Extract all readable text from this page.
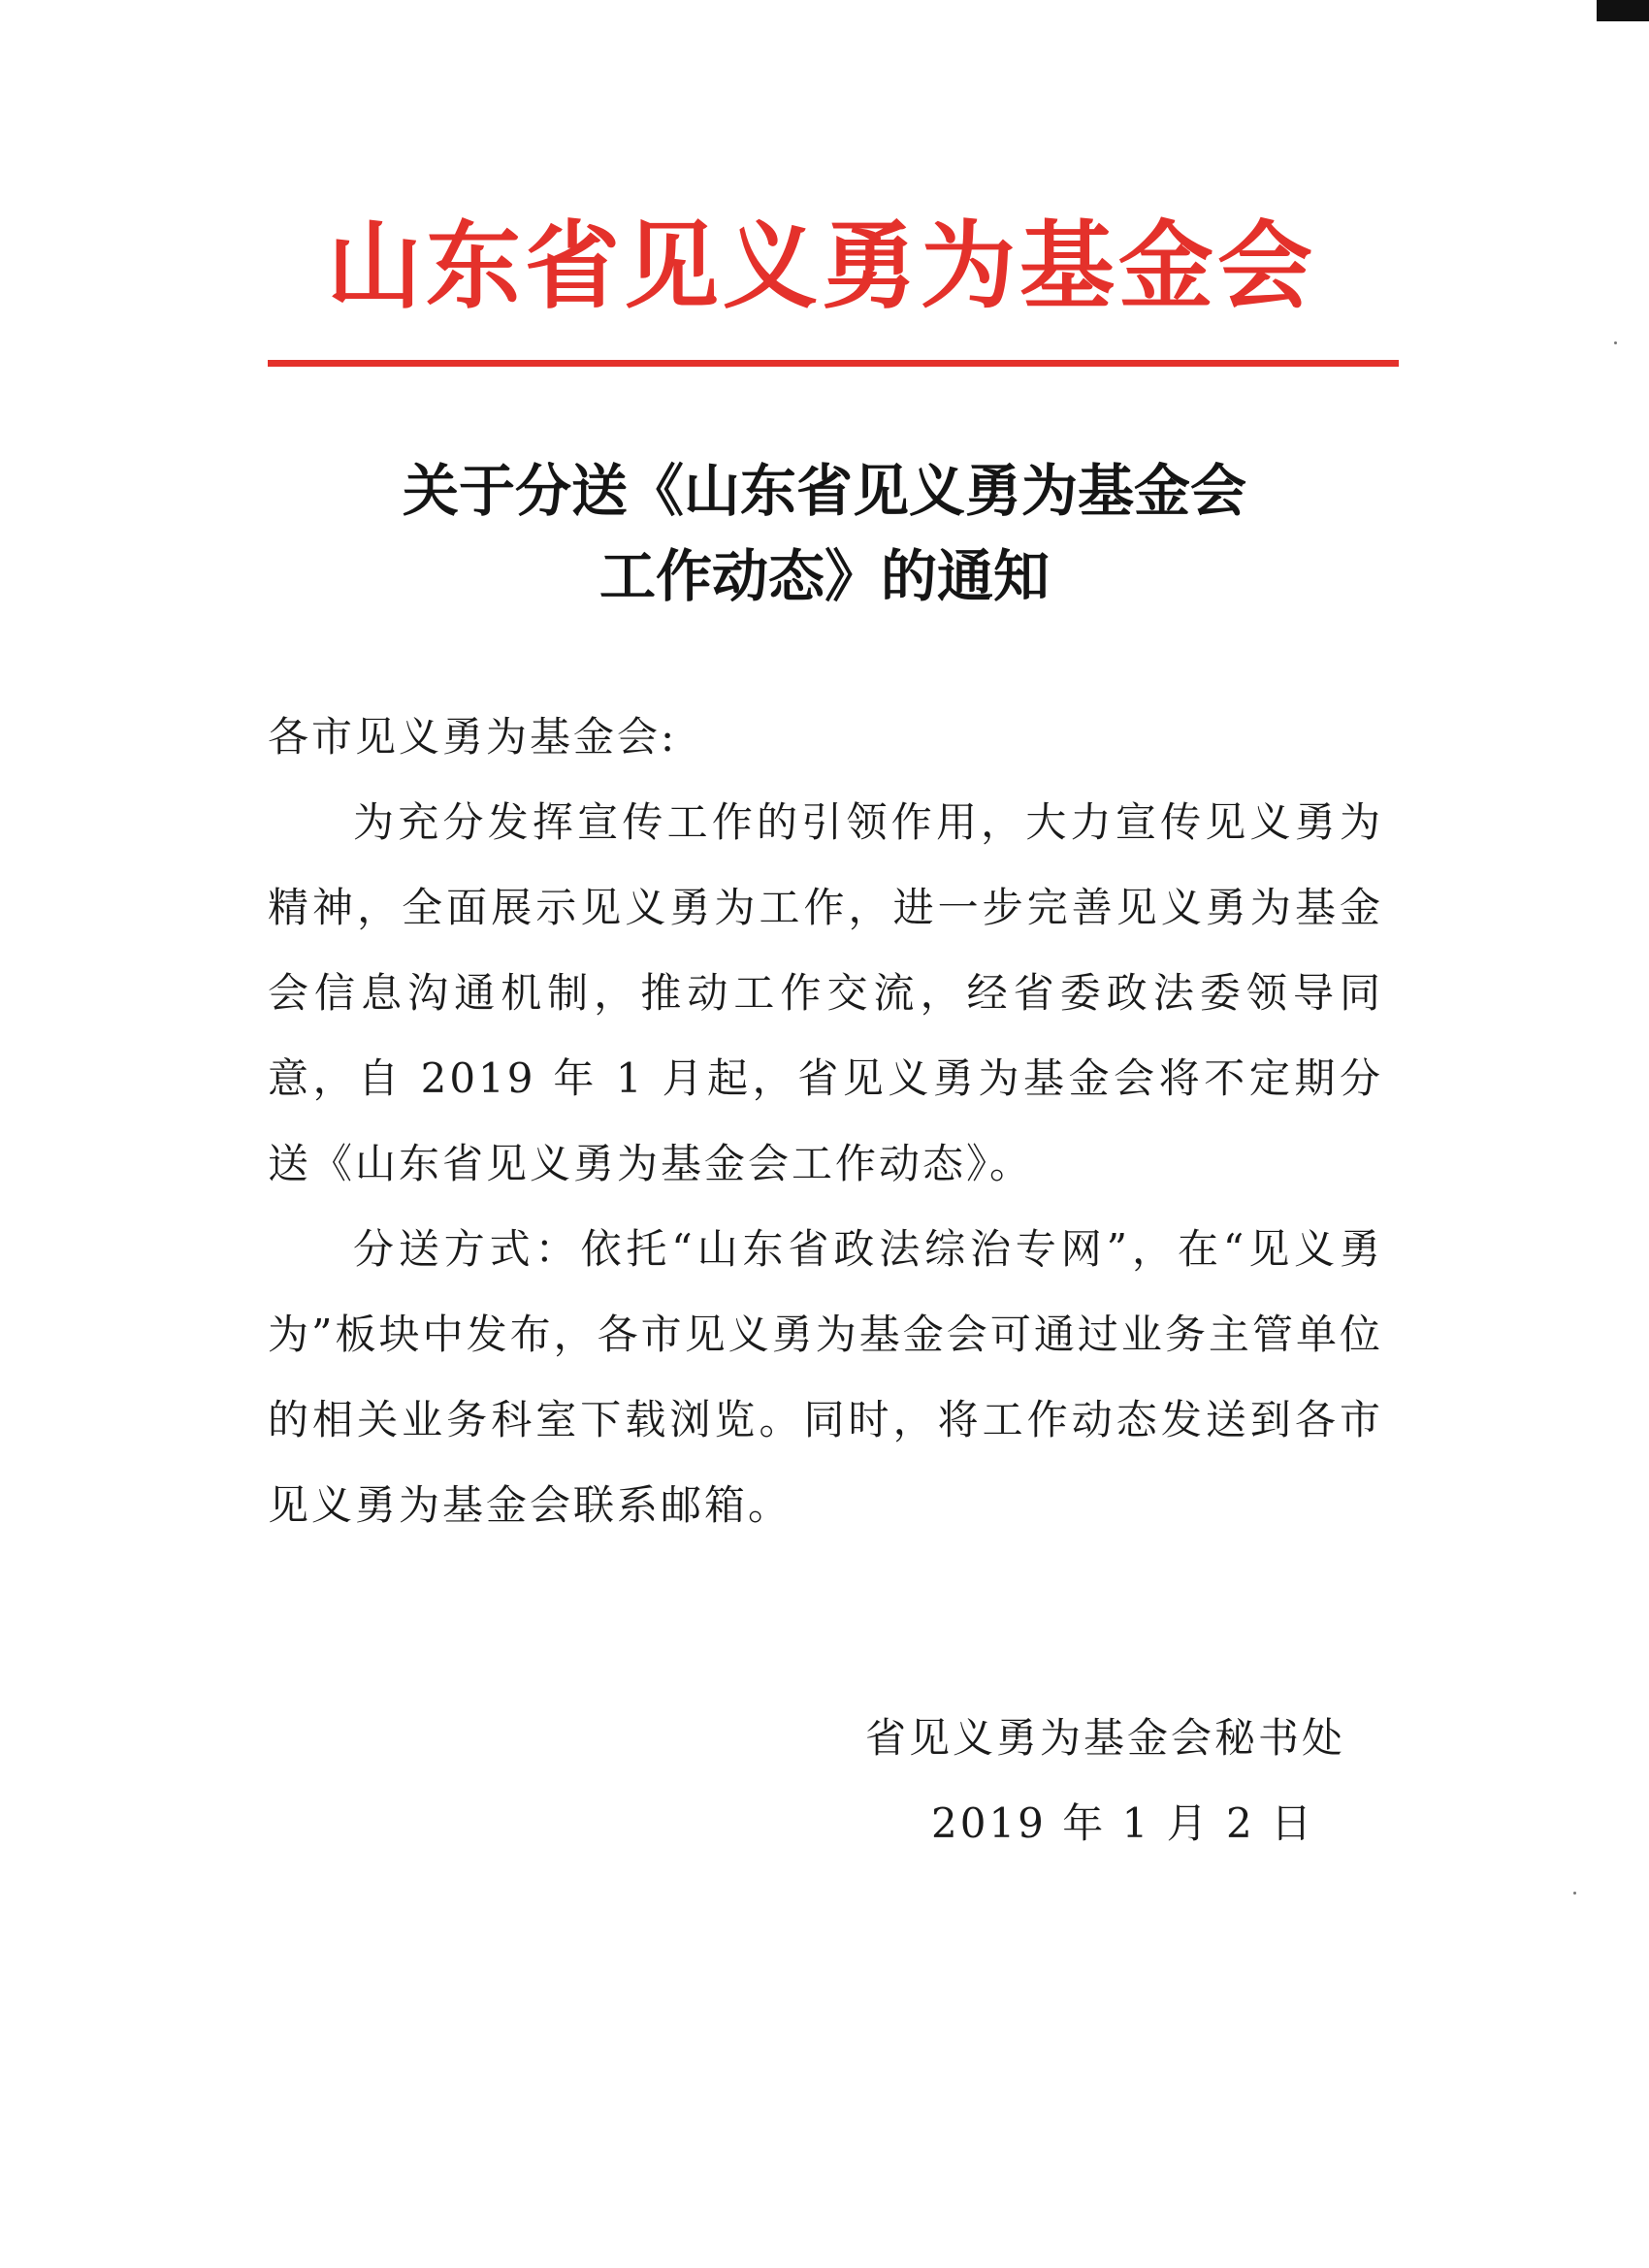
山东省见义勇为基金会
关于分送《山东省见义勇为基金会
工作动态》的通知

各市见义勇为基金会:

为充分发挥宣传工作的引领作用，大力宣传见义勇为精神，全面展示见义勇为工作，进一步完善见义勇为基金会信息沟通机制，推动工作交流，经省委政法委领导同意，自 2019 年 1 月起，省见义勇为基金会将不定期分送《山东省见义勇为基金会工作动态》。

分送方式：依托“山东省政法综治专网”，在“见义勇为”板块中发布，各市见义勇为基金会可通过业务主管单位的相关业务科室下载浏览。同时，将工作动态发送到各市见义勇为基金会联系邮箱。

省见义勇为基金会秘书处
2019 年 1 月 2 日
